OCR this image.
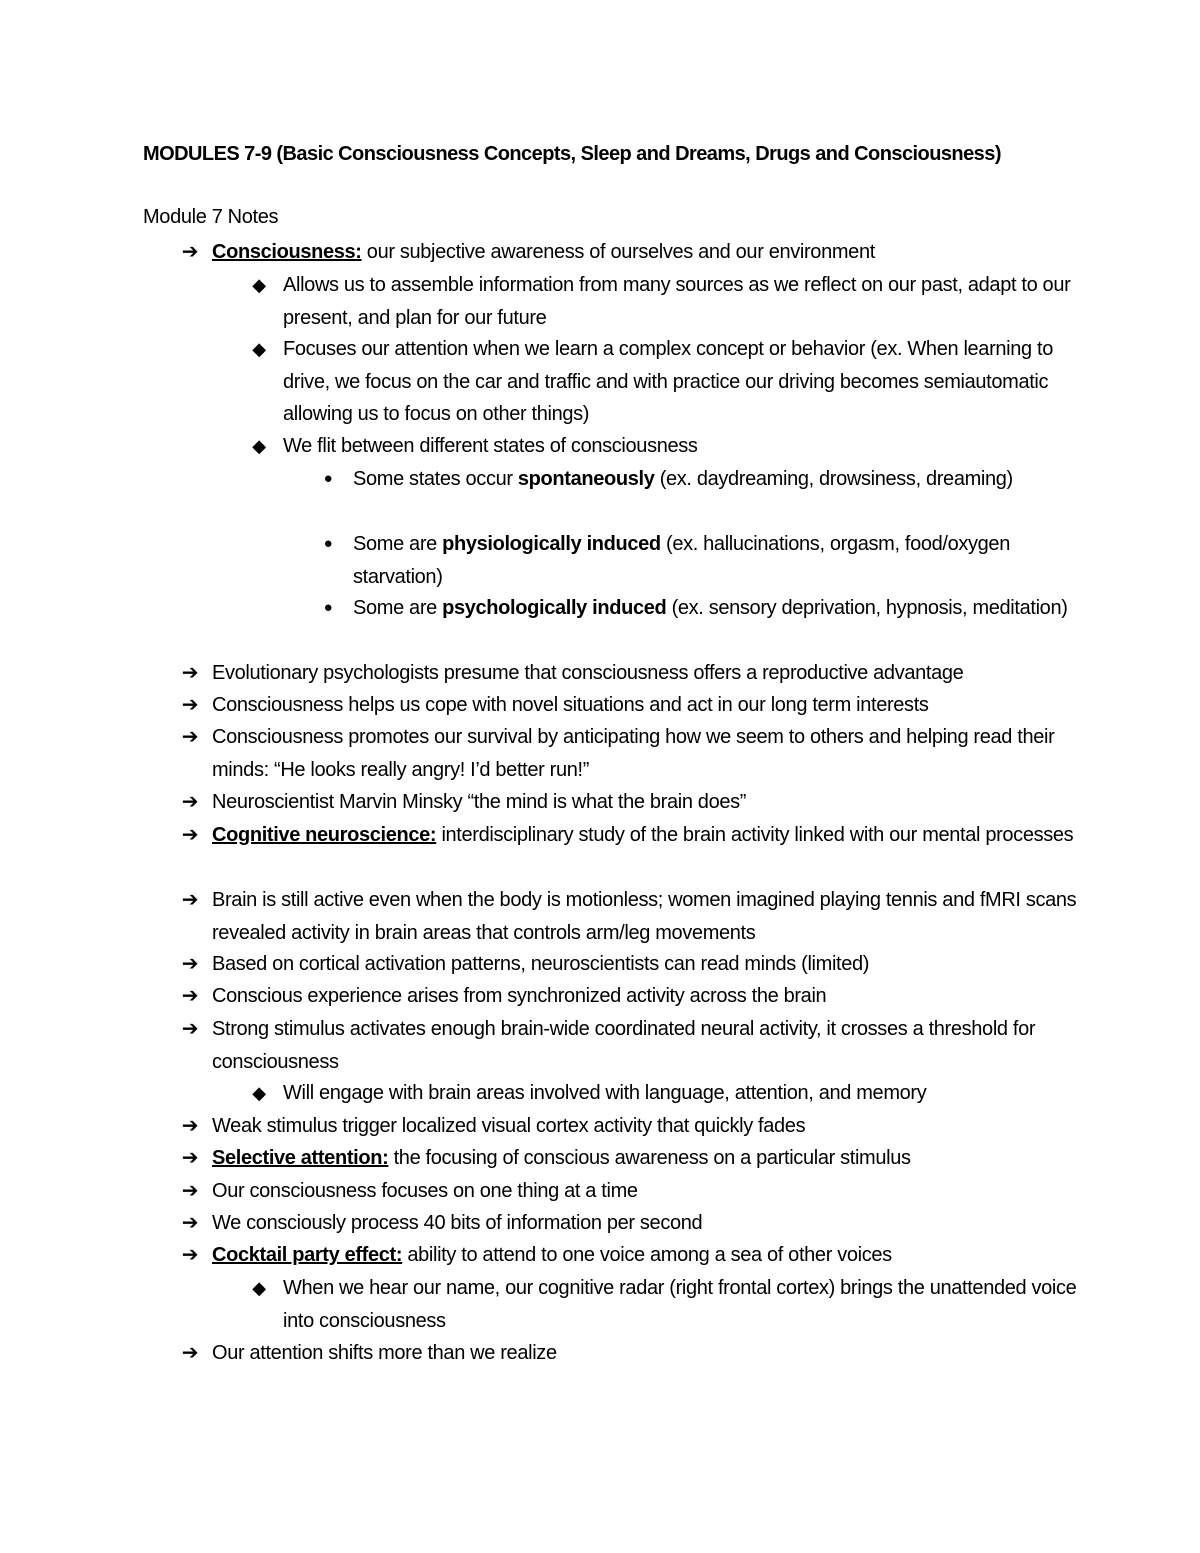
MODULES 7-9 (Basic Consciousness Concepts, Sleep and Dreams, Drugs and Consciousness)
Module 7 Notes
➔ Consciousness: our subjective awareness of ourselves and our environment
◆ Allows us to assemble information from many sources as we reflect on our past, adapt to our present, and plan for our future
◆ Focuses our attention when we learn a complex concept or behavior (ex. When learning to drive, we focus on the car and traffic and with practice our driving becomes semiautomatic allowing us to focus on other things)
◆ We flit between different states of consciousness
●	Some states occur spontaneously (ex. daydreaming, drowsiness, dreaming)
●	Some are physiologically induced (ex. hallucinations, orgasm, food/oxygen starvation)
●	Some are psychologically induced (ex. sensory deprivation, hypnosis, meditation)
➔ Evolutionary psychologists presume that consciousness offers a reproductive advantage
➔ Consciousness helps us cope with novel situations and act in our long term interests
➔ Consciousness promotes our survival by anticipating how we seem to others and helping read their minds: “He looks really angry! I’d better run!”
➔ Neuroscientist Marvin Minsky “the mind is what the brain does”
➔ Cognitive neuroscience: interdisciplinary study of the brain activity linked with our mental processes
➔ Brain is still active even when the body is motionless; women imagined playing tennis and fMRI scans revealed activity in brain areas that controls arm/leg movements
➔ Based on cortical activation patterns, neuroscientists can read minds (limited)
➔ Conscious experience arises from synchronized activity across the brain
➔ Strong stimulus activates enough brain-wide coordinated neural activity, it crosses a threshold for consciousness
◆ Will engage with brain areas involved with language, attention, and memory
➔ Weak stimulus trigger localized visual cortex activity that quickly fades
➔ Selective attention: the focusing of conscious awareness on a particular stimulus
➔ Our consciousness focuses on one thing at a time
➔ We consciously process 40 bits of information per second
➔ Cocktail party effect: ability to attend to one voice among a sea of other voices
◆ When we hear our name, our cognitive radar (right frontal cortex) brings the unattended voice into consciousness
➔ Our attention shifts more than we realize
